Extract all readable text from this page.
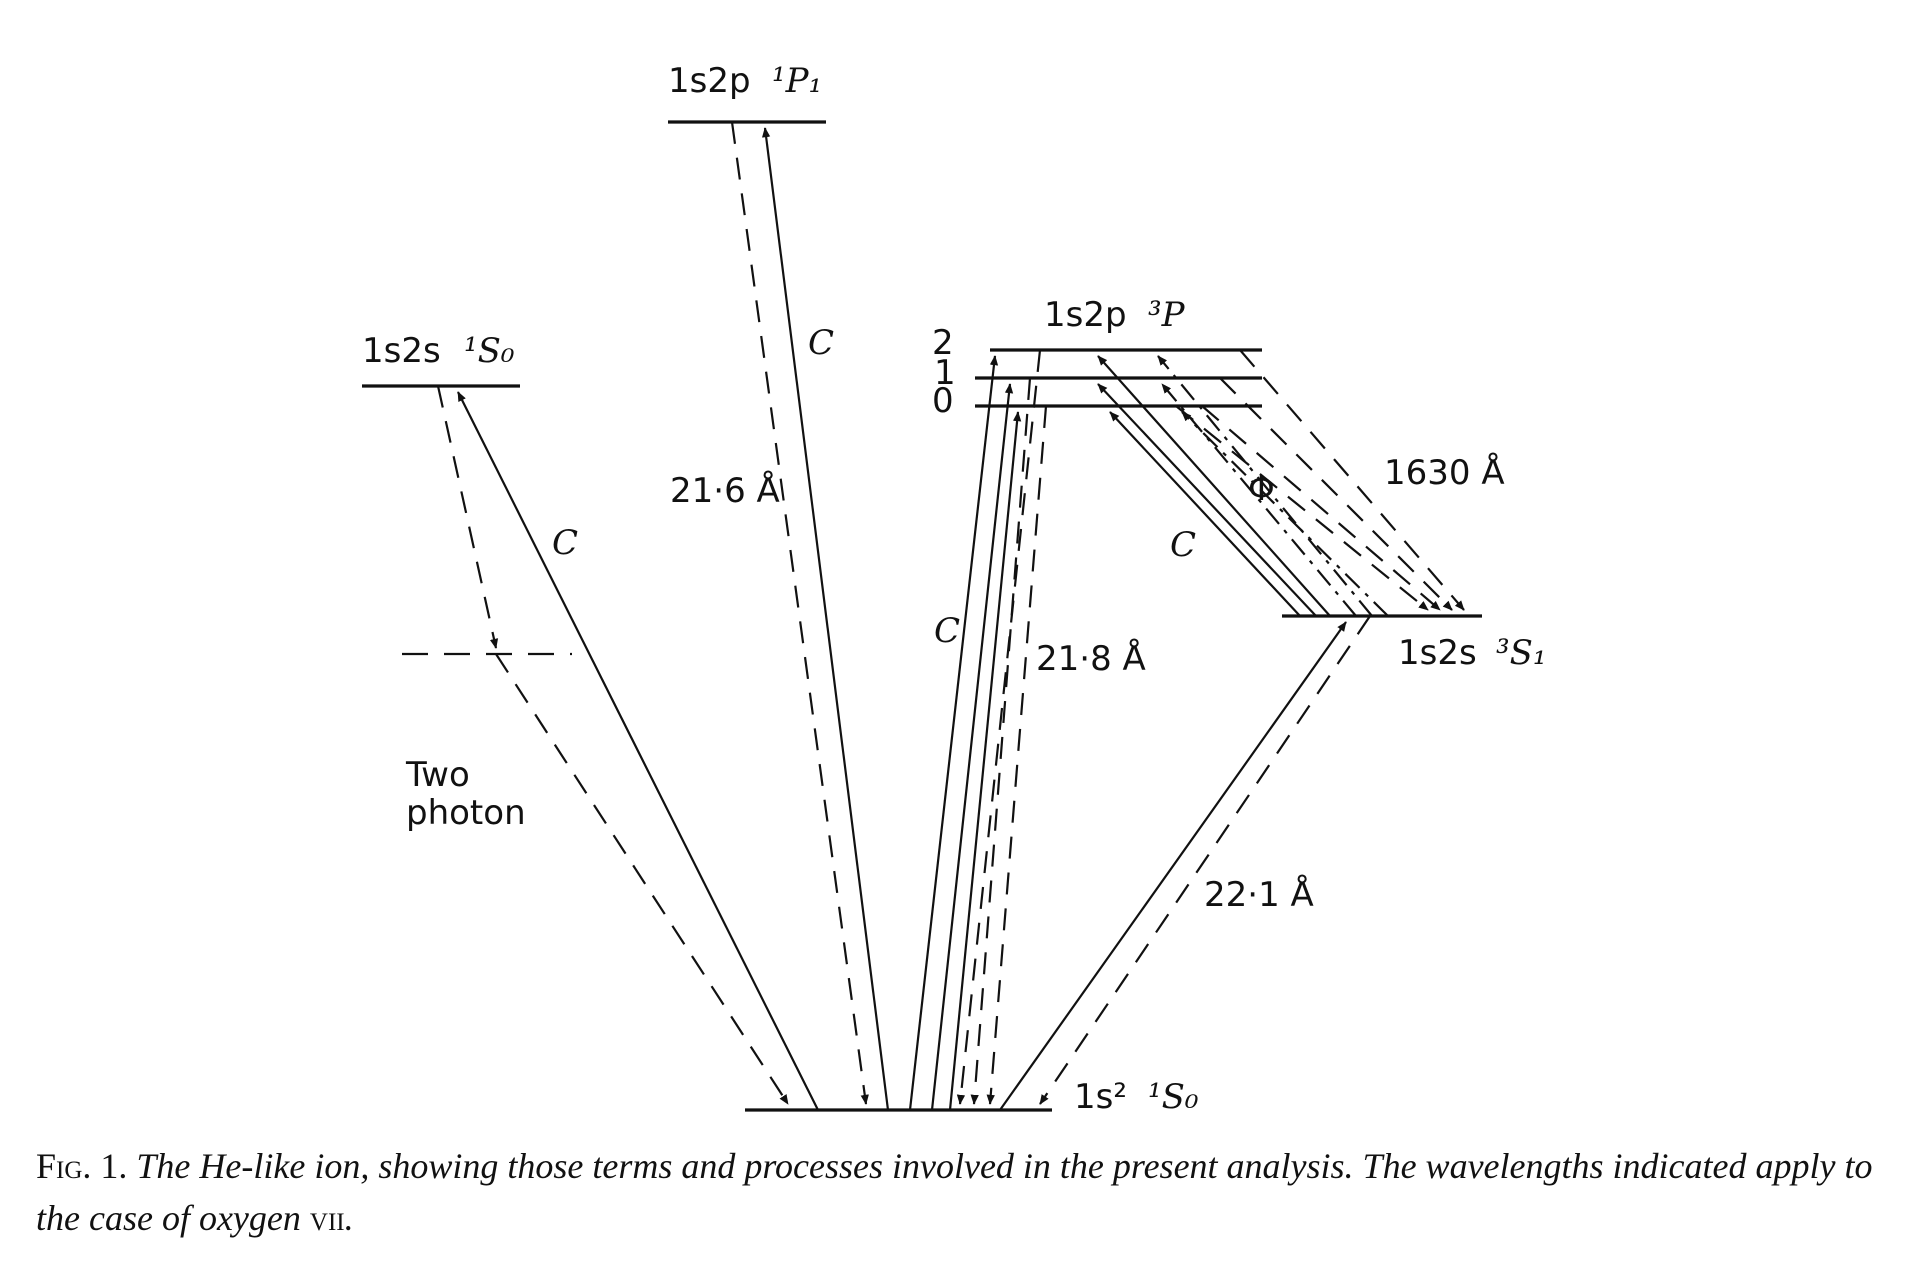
1s2p ¹P₁
1s2s ¹S₀
1s2p ³P
2
1
0
1s2s ³S₁
1s² ¹S₀
C
C
C
C
Φ
Two
photon
21·6 Å
21·8 Å
22·1 Å
1630 Å
Fig. 1. The He-like ion, showing those terms and processes involved in the present analysis. The wavelengths indicated apply to the case of oxygen vii.
